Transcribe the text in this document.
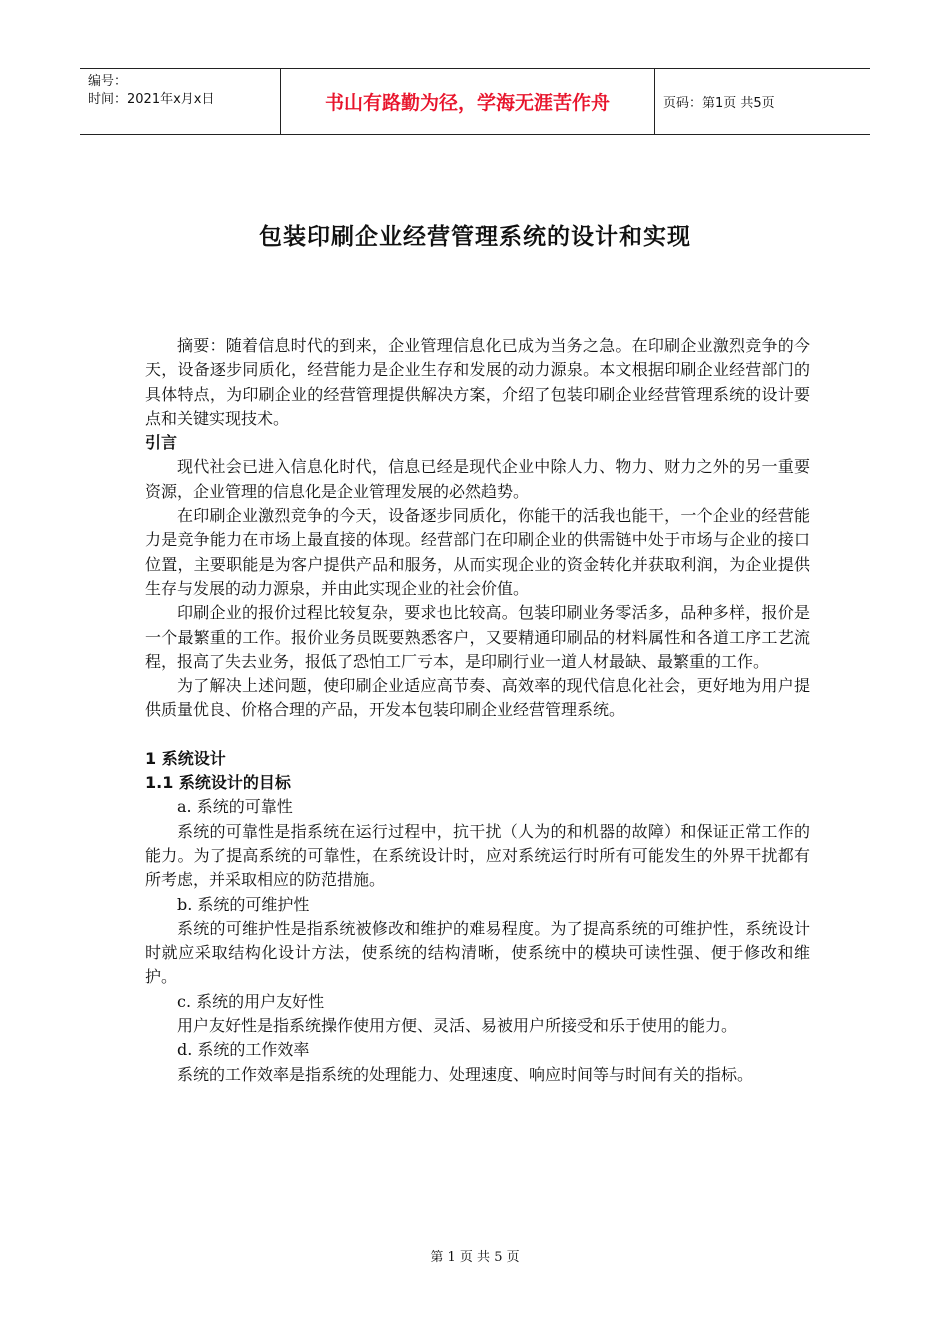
编号：
时间：2021年x月x日	书山有路勤为径，学海无涯苦作舟	页码：第1页 共5页
包装印刷企业经营管理系统的设计和实现

摘要：随着信息时代的到来，企业管理信息化已成为当务之急。在印刷企业激烈竞争的今天，设备逐步同质化，经营能力是企业生存和发展的动力源泉。本文根据印刷企业经营部门的具体特点，为印刷企业的经营管理提供解决方案，介绍了包装印刷企业经营管理系统的设计要点和关键实现技术。

引言

现代社会已进入信息化时代，信息已经是现代企业中除人力、物力、财力之外的另一重要资源，企业管理的信息化是企业管理发展的必然趋势。

在印刷企业激烈竞争的今天，设备逐步同质化，你能干的活我也能干，一个企业的经营能力是竞争能力在市场上最直接的体现。经营部门在印刷企业的供需链中处于市场与企业的接口位置，主要职能是为客户提供产品和服务，从而实现企业的资金转化并获取利润，为企业提供生存与发展的动力源泉，并由此实现企业的社会价值。

印刷企业的报价过程比较复杂，要求也比较高。包装印刷业务零活多，品种多样，报价是一个最繁重的工作。报价业务员既要熟悉客户，又要精通印刷品的材料属性和各道工序工艺流程，报高了失去业务，报低了恐怕工厂亏本，是印刷行业一道人材最缺、最繁重的工作。

为了解决上述问题，使印刷企业适应高节奏、高效率的现代信息化社会，更好地为用户提供质量优良、价格合理的产品，开发本包装印刷企业经营管理系统。

1 系统设计

1.1 系统设计的目标

a. 系统的可靠性

系统的可靠性是指系统在运行过程中，抗干扰（人为的和机器的故障）和保证正常工作的能力。为了提高系统的可靠性，在系统设计时，应对系统运行时所有可能发生的外界干扰都有所考虑，并采取相应的防范措施。

b. 系统的可维护性

系统的可维护性是指系统被修改和维护的难易程度。为了提高系统的可维护性，系统设计时就应采取结构化设计方法，使系统的结构清晰，使系统中的模块可读性强、便于修改和维护。

c. 系统的用户友好性

用户友好性是指系统操作使用方便、灵活、易被用户所接受和乐于使用的能力。

d. 系统的工作效率

系统的工作效率是指系统的处理能力、处理速度、响应时间等与时间有关的指标。

第 1 页 共 5 页
